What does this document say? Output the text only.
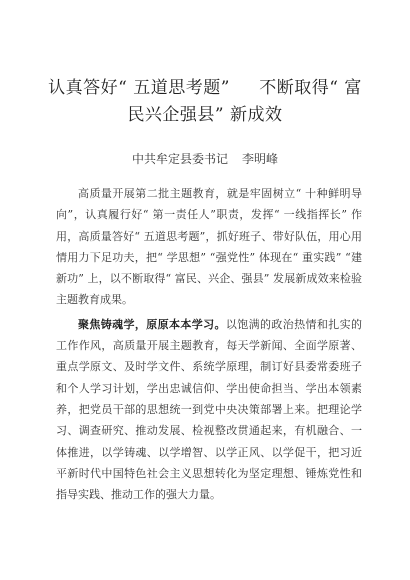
认真答好“ 五道思考题” 　 不断取得“ 富
民兴企强县” 新成效
中共牟定县委书记 李明峰

高质量开展第二批主题教育，就是牢固树立“ 十种鲜明导向”，认真履行好“ 第一责任人”职责，发挥“ 一线指挥长” 作用，高质量答好“ 五道思考题”，抓好班子、带好队伍，用心用情用力下足功夫，把“ 学思想” “强党性” 体现在“ 重实践” “建新功” 上，以不断取得“ 富民、兴企、强县” 发展新成效来检验主题教育成果。

聚焦铸魂学，原原本本学习。以饱满的政治热情和扎实的工作作风，高质量开展主题教育，每天学新闻、全面学原著、重点学原文、及时学文件、系统学原理，制订好县委常委班子和个人学习计划，学出忠诚信仰、学出使命担当、学出本领素养，把党员干部的思想统一到党中央决策部署上来。把理论学习、调查研究、推动发展、检视整改贯通起来，有机融合、一体推进，以学铸魂、以学增智、以学正风、以学促干，把习近平新时代中国特色社会主义思想转化为坚定理想、锤炼党性和指导实践、推动工作的强大力量。
